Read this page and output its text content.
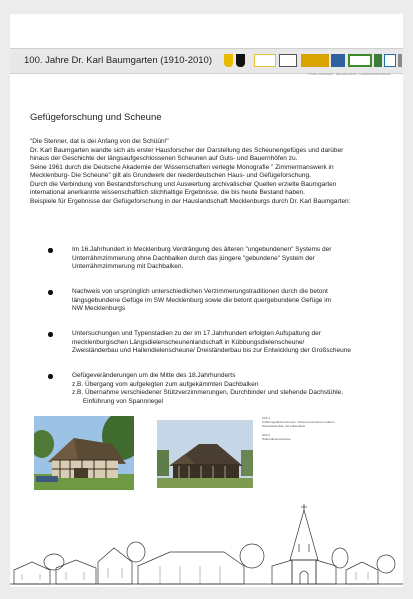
100. Jahre Dr. Karl Baumgarten (1910-2010)
© Anne Schumann · Heimatmuseum · Landkreis Bad Doberan
Gefügeforschung und Scheune

"Die Stenner, dat is dei Anfang von dei Schüün!"

Dr. Karl Baumgarten wandte sich als erster Hausforscher der Darstellung des Scheunengefüges und darüber

hinaus der Geschichte der längsaufgeschlossenen Scheunen auf Guts- und Bauernhöfen zu.

Seine 1961 durch die Deutsche Akademie der Wissenschaften verlegte Monografie " Zimmermanswerk in

Mecklenburg- Die Scheune" gilt als Grundwerk der niederdeutschen Haus- und Gefügeforschung.

Durch die Verbindung von Bestandsforschung und Auswertung archivalischer Quellen erzielte Baumgarten

international anerkannte wissenschaftlich stichhaltige Ergebnisse, die bis heute Bestand haben.

Beispiele für Ergebnisse der Gefügeforschung in der Hauslandschaft Mecklenburgs durch Dr. Karl Baumgarten:

Im 16.Jahrhundert in Mecklenburg Verdrängung des älteren "ungebundenen" Systems der

Unterrähmzimmerung ohne Dachbalken durch das jüngere "gebundene" System der

Unterrähmzimmerung mit Dachbalken.

Nachweis von ursprünglich unterschiedlichen Verzimmerungstraditionen durch die betont

längsgebundene Gefüge im SW Mecklenburg sowie die betont quergebundene Gefüge im

NW Mecklenburgs

Untersuchungen und Typenstadien zu der im 17.Jahrhundert erfolgten Aufspaltung der

mecklenburgischen Längsdielenscheunenlandschaft in Kübbungsdielenscheune/

Zweiständerbau und Hallendielenscheune/ Dreiständerbau bis zur Entwicklung der Großscheune

Gefügeveränderungen um die Mitte des 18.Jahrhunderts

z.B. Übergang vom aufgelegten zum aufgekämmten Dachbalken

z.B. Übernahme verschiedener Stützverzimmerungen, Durchbinder und stehende Dachstühle,

Einführung von Spannriegel

Abb.1

Kübbungsdielenscheune / Museumsscheune Göhren

Zweiständerbau mit Außendiele

Abb.2

Hallendielenscheune
